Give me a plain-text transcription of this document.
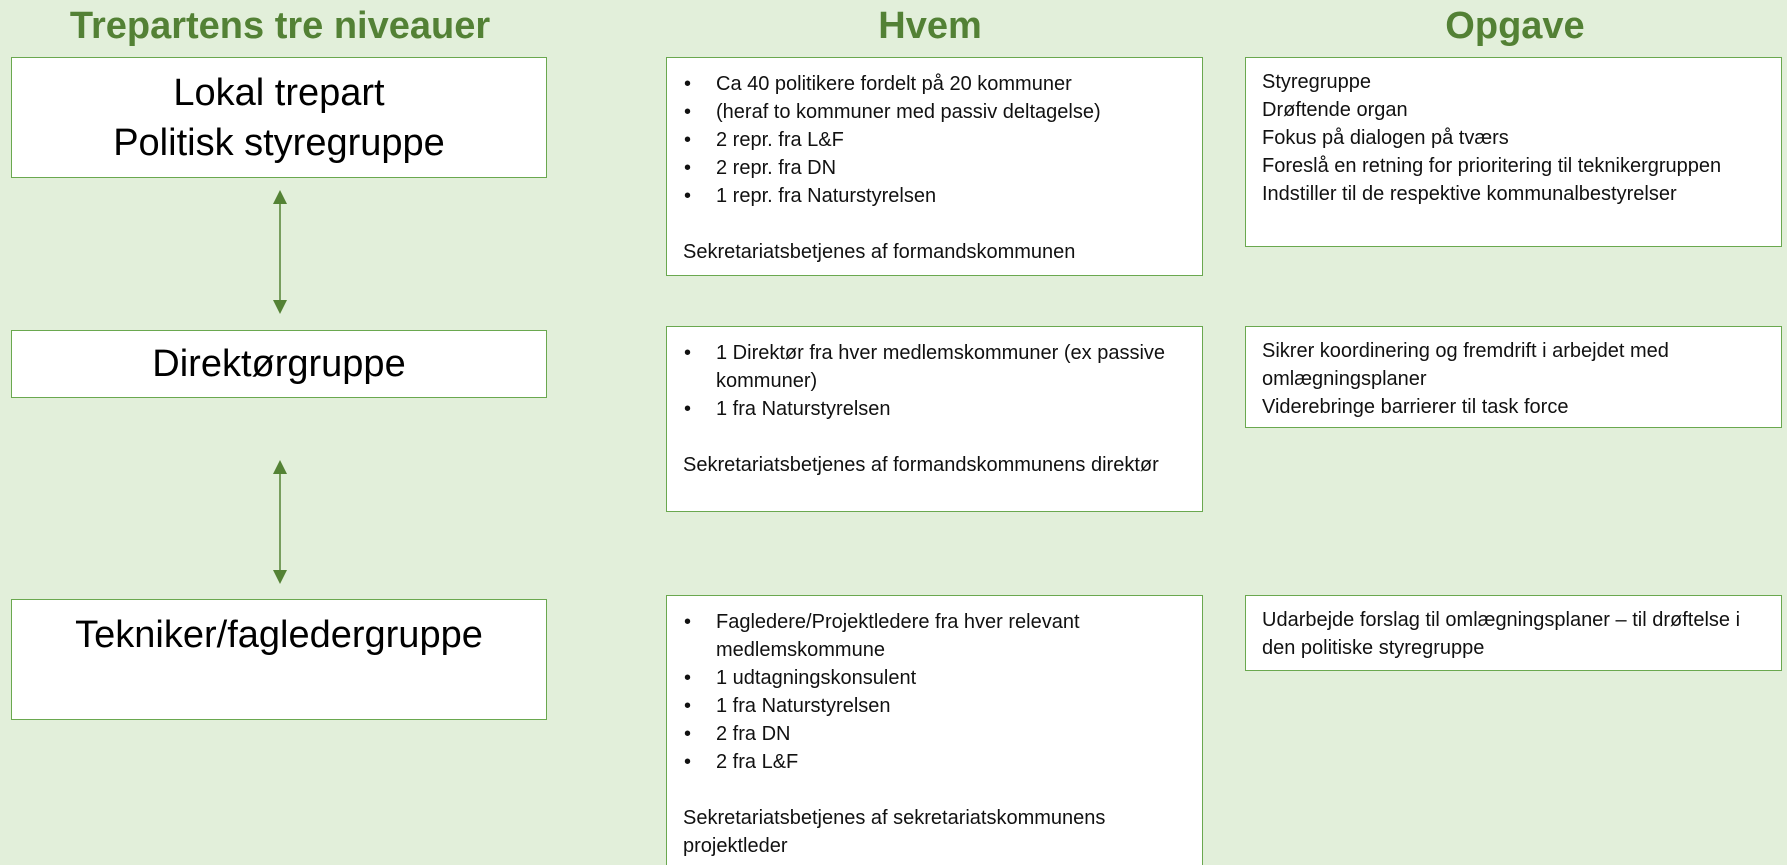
Trepartens tre niveauer	Hvem	Opgave
Lokal trepart
Politisk styregruppe
Direktørgruppe
Tekniker/fagledergruppe
• Ca 40 politikere fordelt på 20 kommuner
• (heraf to kommuner med passiv deltagelse)
• 2 repr. fra L&F
• 2 repr. fra DN
• 1 repr. fra Naturstyrelsen
Sekretariatsbetjenes af formandskommunen
• 1 Direktør fra hver medlemskommuner (ex passive kommuner)
• 1 fra Naturstyrelsen
Sekretariatsbetjenes af formandskommunens direktør
• Fagledere/Projektledere fra hver relevant medlemskommune
• 1 udtagningskonsulent
• 1 fra Naturstyrelsen
• 2 fra DN
• 2 fra L&F
Sekretariatsbetjenes af sekretariatskommunens projektleder
Styregruppe
Drøftende organ
Fokus på dialogen på tværs
Foreslå en retning for prioritering til teknikergruppen
Indstiller til de respektive kommunalbestyrelser
Sikrer koordinering og fremdrift i arbejdet med omlægningsplaner
Viderebringe barrierer til task force
Udarbejde forslag til omlægningsplaner – til drøftelse i den politiske styregruppe
